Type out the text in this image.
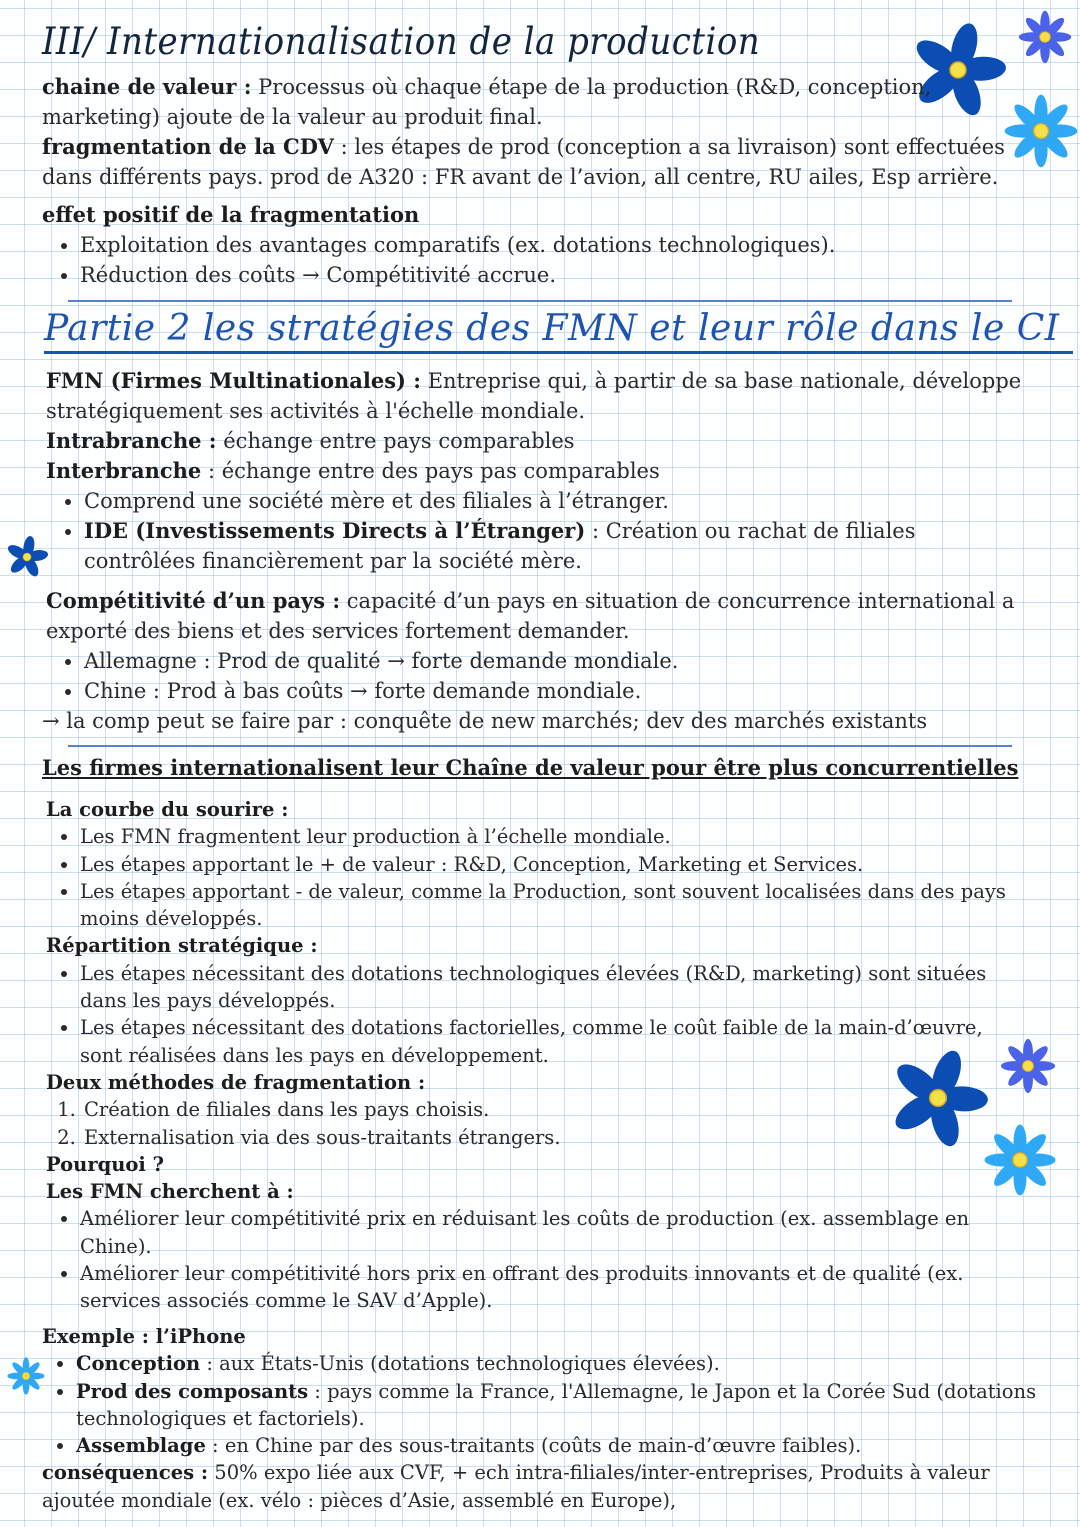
III/ Internationalisation de la production

chaine de valeur : Processus où chaque étape de la production (R&D, conception, marketing) ajoute de la valeur au produit final.

fragmentation de la CDV : les étapes de prod (conception a sa livraison) sont effectuées dans différents pays. prod de A320 : FR avant de l’avion, all centre, RU ailes, Esp arrière.

effet positif de la fragmentation

• Exploitation des avantages comparatifs (ex. dotations technologiques).
• Réduction des coûts → Compétitivité accrue.
Partie 2 les stratégies des FMN et leur rôle dans le CI

FMN (Firmes Multinationales) : Entreprise qui, à partir de sa base nationale, développe stratégiquement ses activités à l'échelle mondiale.

Intrabranche : échange entre pays comparables

Interbranche : échange entre des pays pas comparables

• Comprend une société mère et des filiales à l’étranger.
• IDE (Investissements Directs à l’Étranger) : Création ou rachat de filiales contrôlées financièrement par la société mère.

Compétitivité d’un pays : capacité d’un pays en situation de concurrence international a exporté des biens et des services fortement demander.

• Allemagne : Prod de qualité → forte demande mondiale.
• Chine : Prod à bas coûts → forte demande mondiale.

→ la comp peut se faire par : conquête de new marchés; dev des marchés existants

Les firmes internationalisent leur Chaîne de valeur pour être plus concurrentielles

La courbe du sourire :

• Les FMN fragmentent leur production à l’échelle mondiale.
• Les étapes apportant le + de valeur : R&D, Conception, Marketing et Services.
• Les étapes apportant - de valeur, comme la Production, sont souvent localisées dans des pays moins développés.

Répartition stratégique :

• Les étapes nécessitant des dotations technologiques élevées (R&D, marketing) sont situées dans les pays développés.
• Les étapes nécessitant des dotations factorielles, comme le coût faible de la main-d’œuvre, sont réalisées dans les pays en développement.

Deux méthodes de fragmentation :

1. Création de filiales dans les pays choisis.
2. Externalisation via des sous-traitants étrangers.

Pourquoi ?

Les FMN cherchent à :

• Améliorer leur compétitivité prix en réduisant les coûts de production (ex. assemblage en Chine).
• Améliorer leur compétitivité hors prix en offrant des produits innovants et de qualité (ex. services associés comme le SAV d’Apple).

Exemple : l’iPhone

• Conception : aux États-Unis (dotations technologiques élevées).
• Prod des composants : pays comme la France, l'Allemagne, le Japon et la Corée Sud (dotations technologiques et factoriels).
• Assemblage : en Chine par des sous-traitants (coûts de main-d’œuvre faibles).

conséquences : 50% expo liée aux CVF, + ech intra-filiales/inter-entreprises, Produits à valeur ajoutée mondiale (ex. vélo : pièces d’Asie, assemblé en Europe),
